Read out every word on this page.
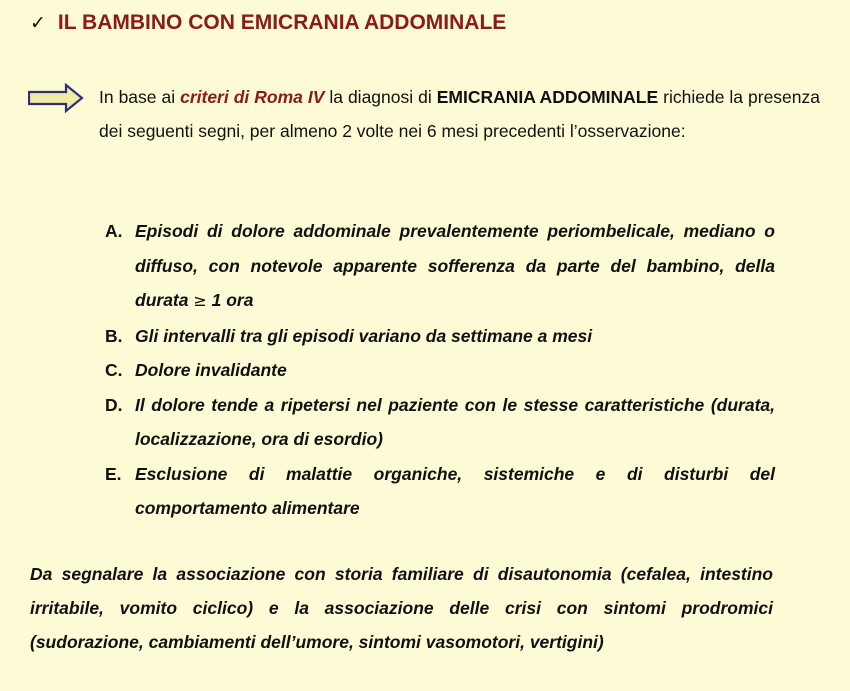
✓ IL BAMBINO CON EMICRANIA ADDOMINALE

In base ai criteri di Roma IV la diagnosi di EMICRANIA ADDOMINALE richiede la presenza dei seguenti segni, per almeno 2 volte nei 6 mesi precedenti l’osservazione:

A. Episodi di dolore addominale prevalentemente periombelicale, mediano o diffuso, con notevole apparente sofferenza da parte del bambino, della durata ≥ 1 ora
B. Gli intervalli tra gli episodi variano da settimane a mesi
C. Dolore invalidante
D. Il dolore tende a ripetersi nel paziente con le stesse caratteristiche (durata, localizzazione, ora di esordio)
E. Esclusione di malattie organiche, sistemiche e di disturbi del comportamento alimentare

Da segnalare la associazione con storia familiare di disautonomia (cefalea, intestino irritabile, vomito ciclico) e la associazione delle crisi con sintomi prodromici (sudorazione, cambiamenti dell’umore, sintomi vasomotori, vertigini)
